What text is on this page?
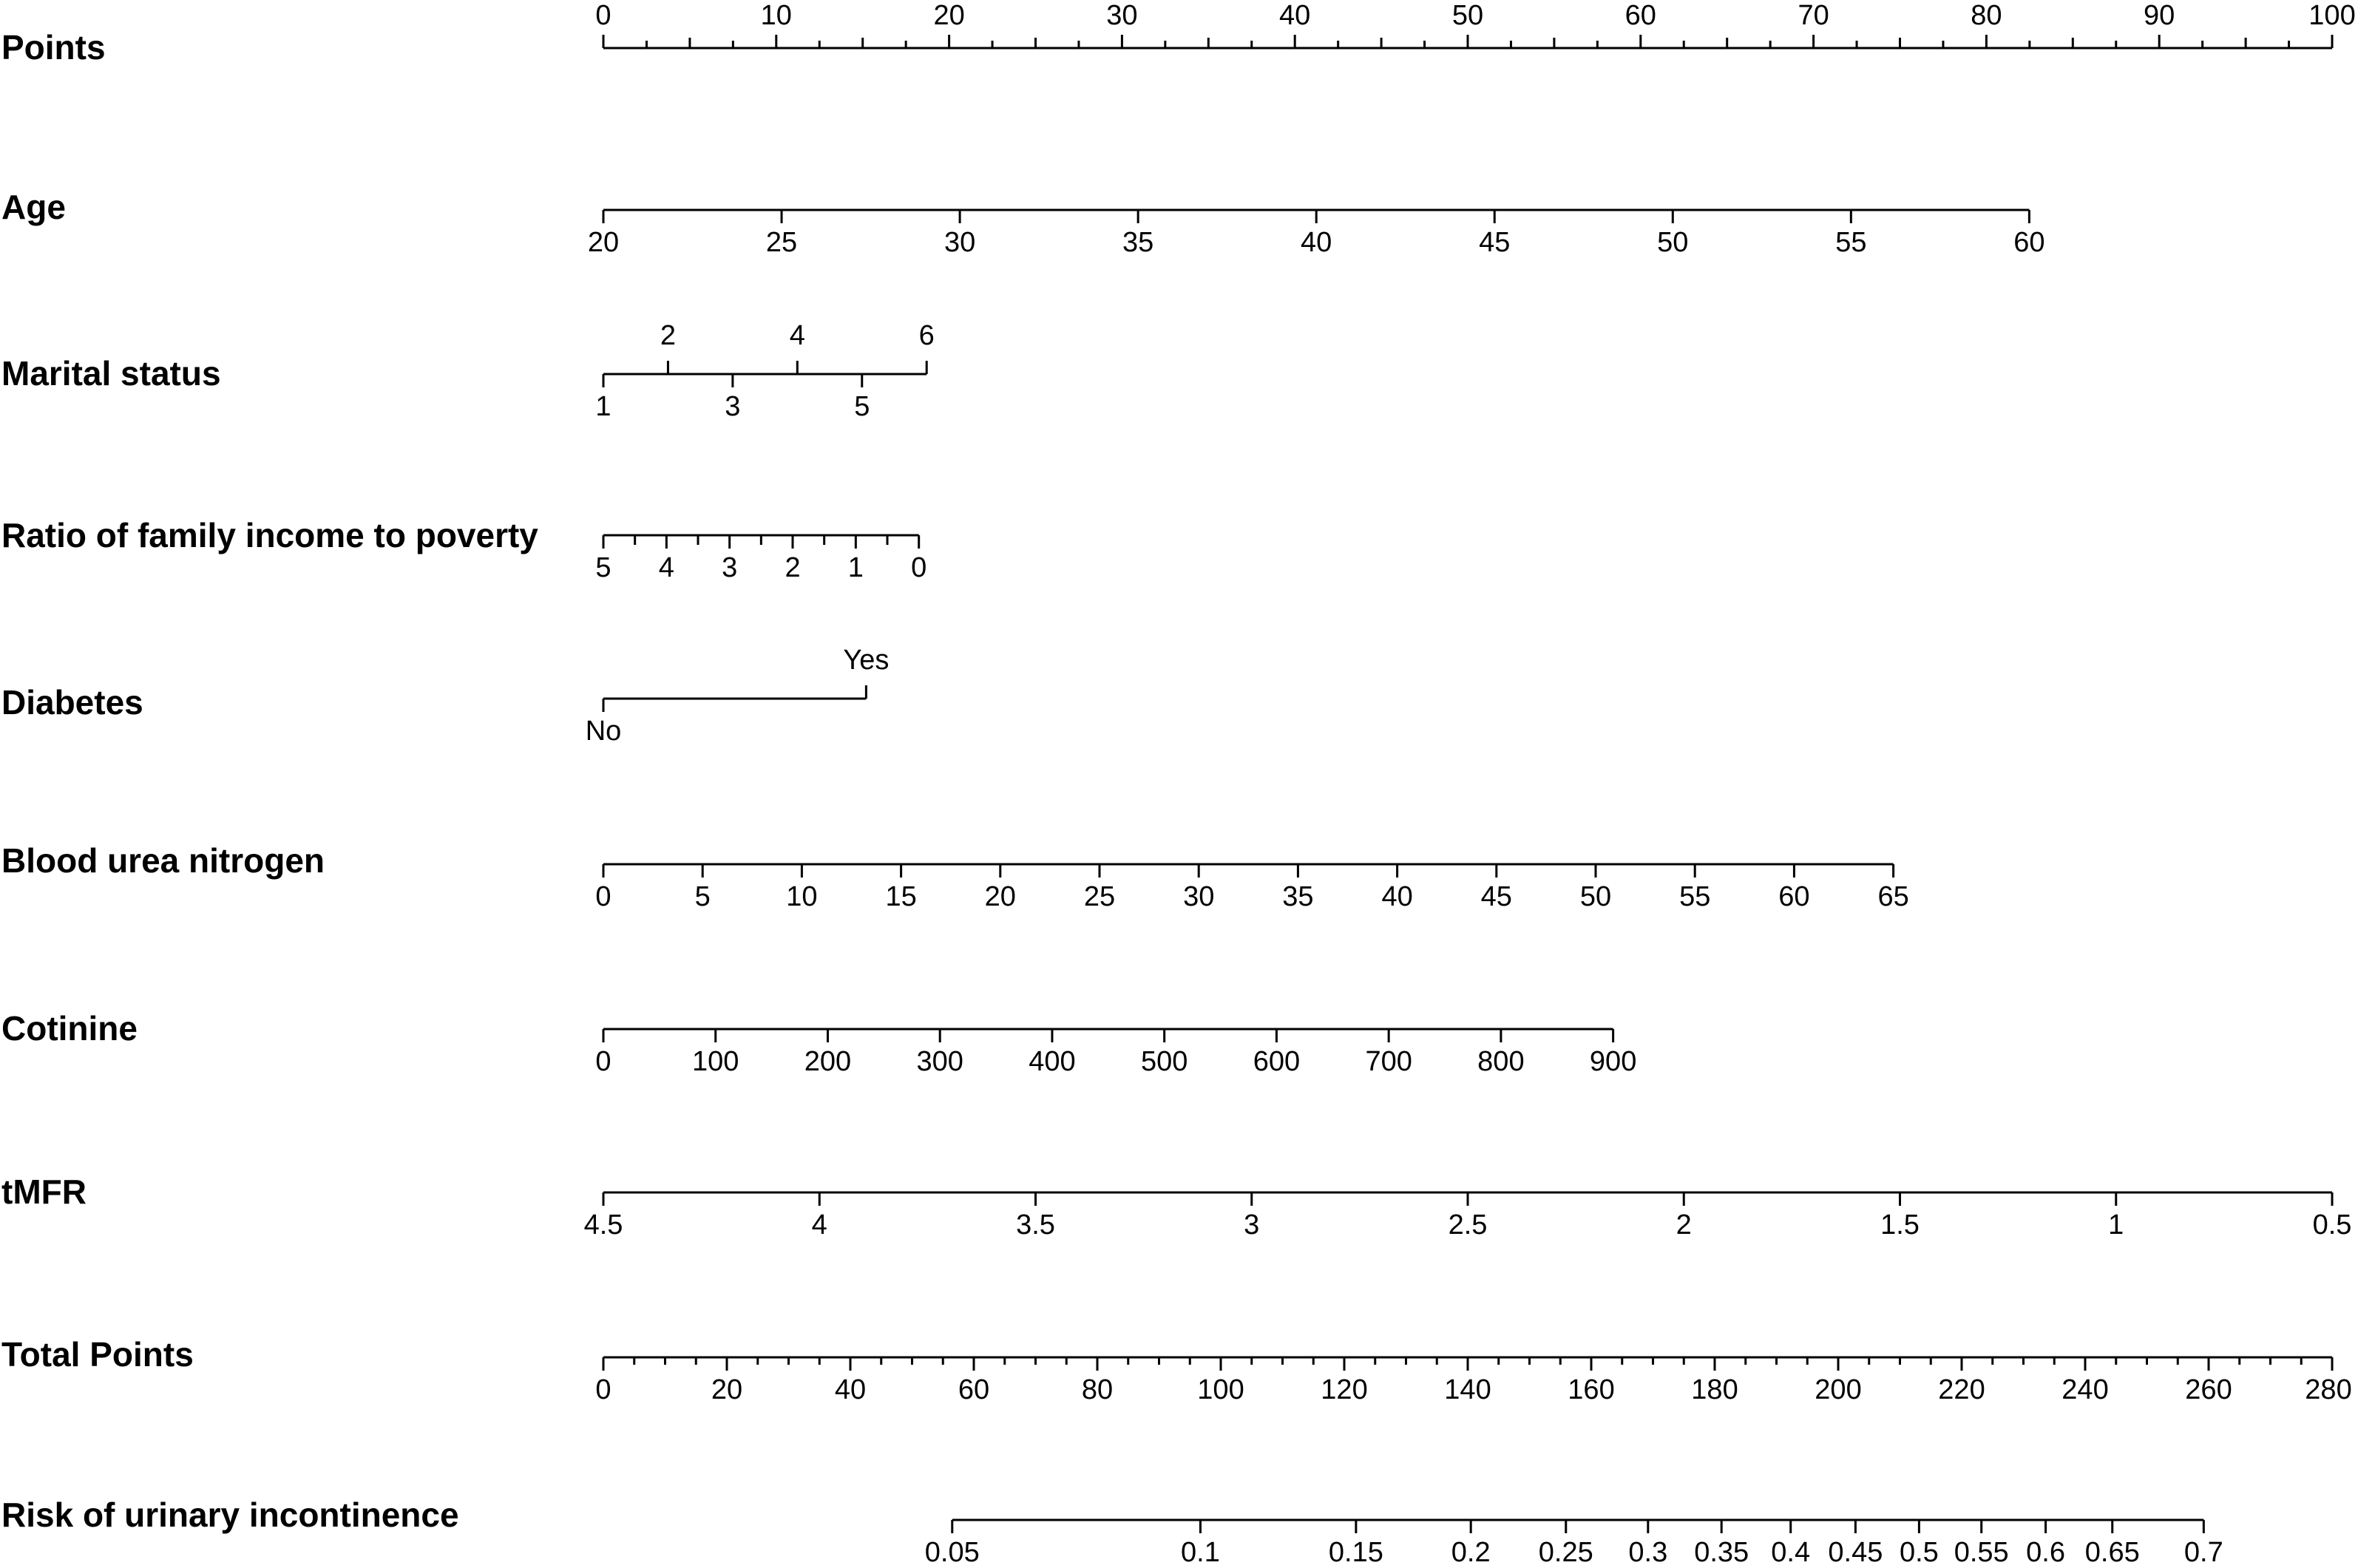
Points
0	10	20	30	40	50	60	70	80	90	100
Age
20	25	30	35	40	45	50	55	60
Marital status
1
2
3
4
5
6
Ratio of family income to poverty
5 4 3 2 1 0
Diabetes
No
Yes
Blood urea nitrogen
0	5	10 15 20 25 30 35 40 45 50 55 60 65
Cotinine
0	100 200 300 400 500 600 700 800 900
tMFR
4.5	4	3.5	3	2.5	2	1.5	1	0.5
Total Points
0	20	40	60	80	100	120	140	160	180	200	220	240	260	280
Risk of urinary incontinence
0.05	0.1	0.15 0.2 0.25 0.3 0.35 0.4 0.45 0.5 0.55 0.6 0.65 0.7
